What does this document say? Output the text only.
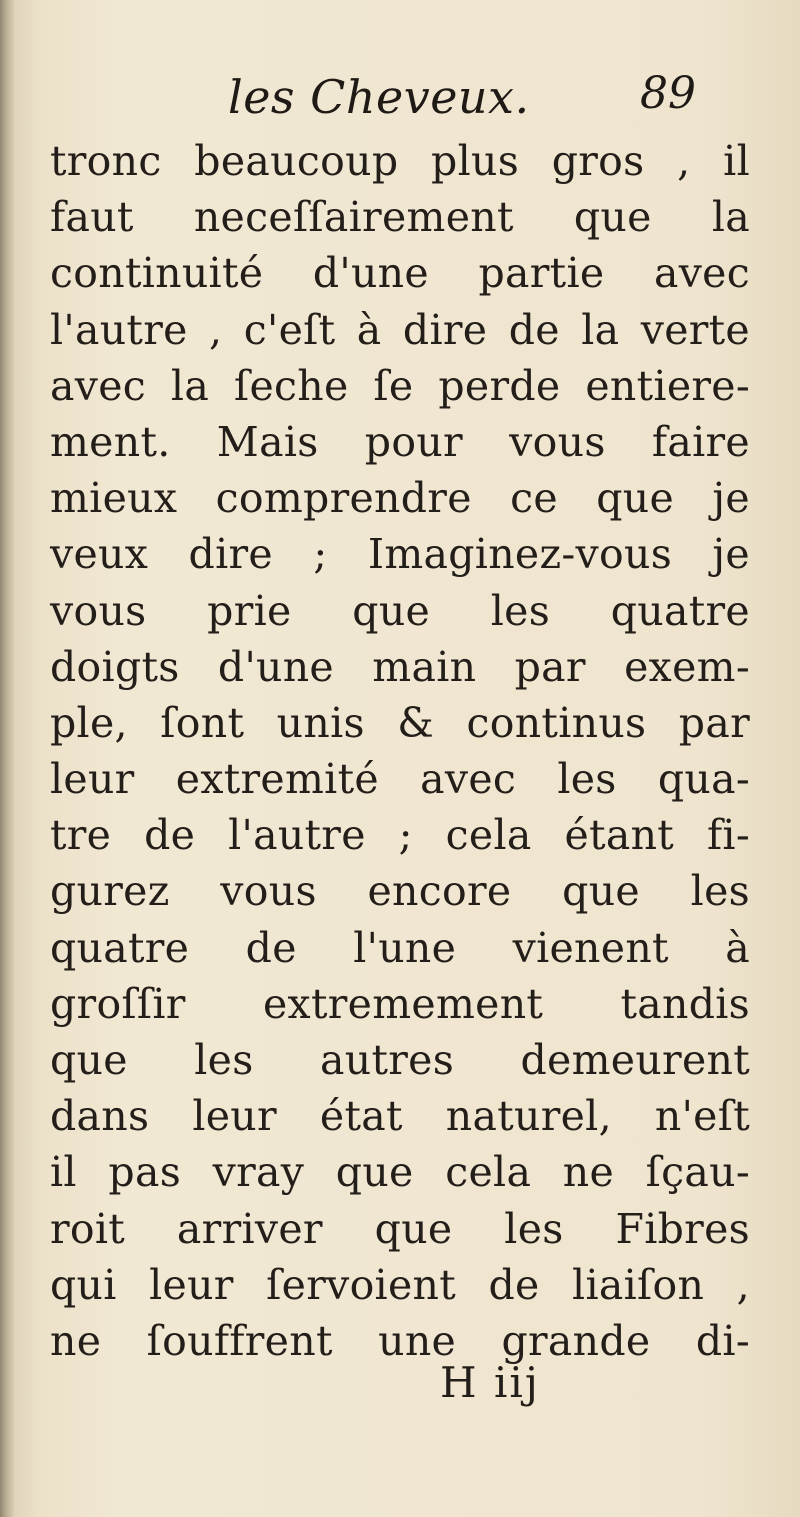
les Cheveux.	89
tronc beaucoup plus gros , il
faut neceſſairement que la
continuité d'une partie avec
l'autre , c'eſt à dire de la verte
avec la ſeche ſe perde entiere-
ment. Mais pour vous faire
mieux comprendre ce que je
veux dire ; Imaginez-vous je
vous prie que les quatre
doigts d'une main par exem-
ple, ſont unis & continus par
leur extremité avec les qua-
tre de l'autre ; cela étant fi-
gurez vous encore que les
quatre de l'une vienent à
groſſir extremement tandis
que les autres demeurent
dans leur état naturel, n'eſt
il pas vray que cela ne ſçau-
roit arriver que les Fibres
qui leur ſervoient de liaiſon ,
ne ſouffrent une grande di-
H iij
